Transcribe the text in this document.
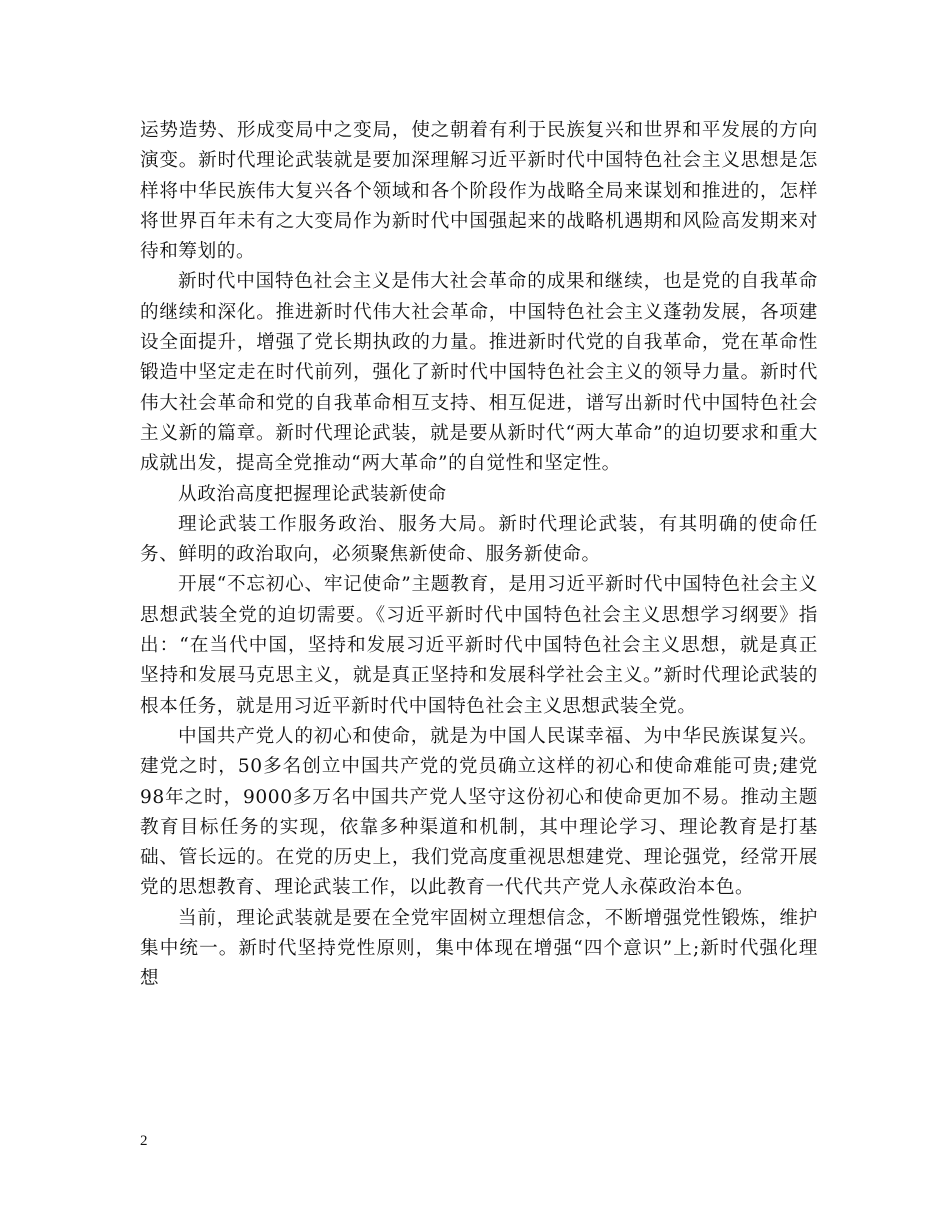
运势造势、形成变局中之变局，使之朝着有利于民族复兴和世界和平发展的方向演变。新时代理论武装就是要加深理解习近平新时代中国特色社会主义思想是怎样将中华民族伟大复兴各个领域和各个阶段作为战略全局来谋划和推进的，怎样将世界百年未有之大变局作为新时代中国强起来的战略机遇期和风险高发期来对待和筹划的。

新时代中国特色社会主义是伟大社会革命的成果和继续，也是党的自我革命的继续和深化。推进新时代伟大社会革命，中国特色社会主义蓬勃发展，各项建设全面提升，增强了党长期执政的力量。推进新时代党的自我革命，党在革命性锻造中坚定走在时代前列，强化了新时代中国特色社会主义的领导力量。新时代伟大社会革命和党的自我革命相互支持、相互促进，谱写出新时代中国特色社会主义新的篇章。新时代理论武装，就是要从新时代“两大革命”的迫切要求和重大成就出发，提高全党推动“两大革命”的自觉性和坚定性。

从政治高度把握理论武装新使命

理论武装工作服务政治、服务大局。新时代理论武装，有其明确的使命任务、鲜明的政治取向，必须聚焦新使命、服务新使命。

开展“不忘初心、牢记使命”主题教育，是用习近平新时代中国特色社会主义思想武装全党的迫切需要。《习近平新时代中国特色社会主义思想学习纲要》指出：“在当代中国，坚持和发展习近平新时代中国特色社会主义思想，就是真正坚持和发展马克思主义，就是真正坚持和发展科学社会主义。”新时代理论武装的根本任务，就是用习近平新时代中国特色社会主义思想武装全党。

中国共产党人的初心和使命，就是为中国人民谋幸福、为中华民族谋复兴。建党之时，50多名创立中国共产党的党员确立这样的初心和使命难能可贵;建党98年之时，9000多万名中国共产党人坚守这份初心和使命更加不易。推动主题教育目标任务的实现，依靠多种渠道和机制，其中理论学习、理论教育是打基础、管长远的。在党的历史上，我们党高度重视思想建党、理论强党，经常开展党的思想教育、理论武装工作，以此教育一代代共产党人永葆政治本色。

当前，理论武装就是要在全党牢固树立理想信念，不断增强党性锻炼，维护集中统一。新时代坚持党性原则，集中体现在增强“四个意识”上;新时代强化理想

2
